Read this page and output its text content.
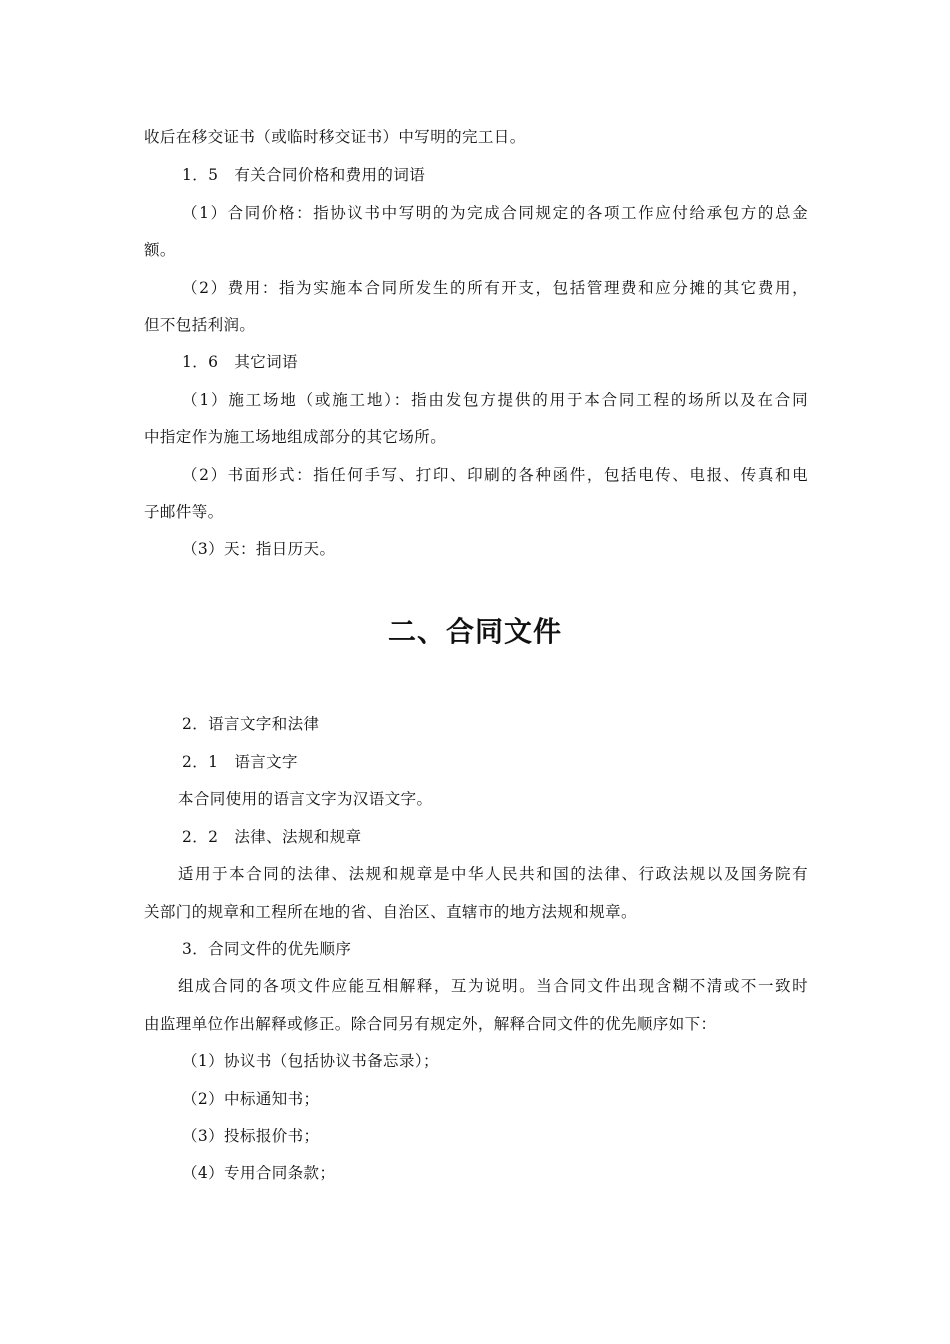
收后在移交证书（或临时移交证书）中写明的完工日。
1．5　有关合同价格和费用的词语
（1）合同价格：指协议书中写明的为完成合同规定的各项工作应付给承包方的总金
额。
（2）费用：指为实施本合同所发生的所有开支，包括管理费和应分摊的其它费用，
但不包括利润。
1．6　其它词语
（1）施工场地（或施工地）：指由发包方提供的用于本合同工程的场所以及在合同
中指定作为施工场地组成部分的其它场所。
（2）书面形式：指任何手写、打印、印刷的各种函件，包括电传、电报、传真和电
子邮件等。
（3）天：指日历天。
二、合同文件
2．语言文字和法律
2．1　语言文字
本合同使用的语言文字为汉语文字。
2．2　法律、法规和规章
适用于本合同的法律、法规和规章是中华人民共和国的法律、行政法规以及国务院有
关部门的规章和工程所在地的省、自治区、直辖市的地方法规和规章。
3．合同文件的优先顺序
组成合同的各项文件应能互相解释，互为说明。当合同文件出现含糊不清或不一致时
由监理单位作出解释或修正。除合同另有规定外，解释合同文件的优先顺序如下：
（1）协议书（包括协议书备忘录）；
（2）中标通知书；
（3）投标报价书；
（4）专用合同条款；
